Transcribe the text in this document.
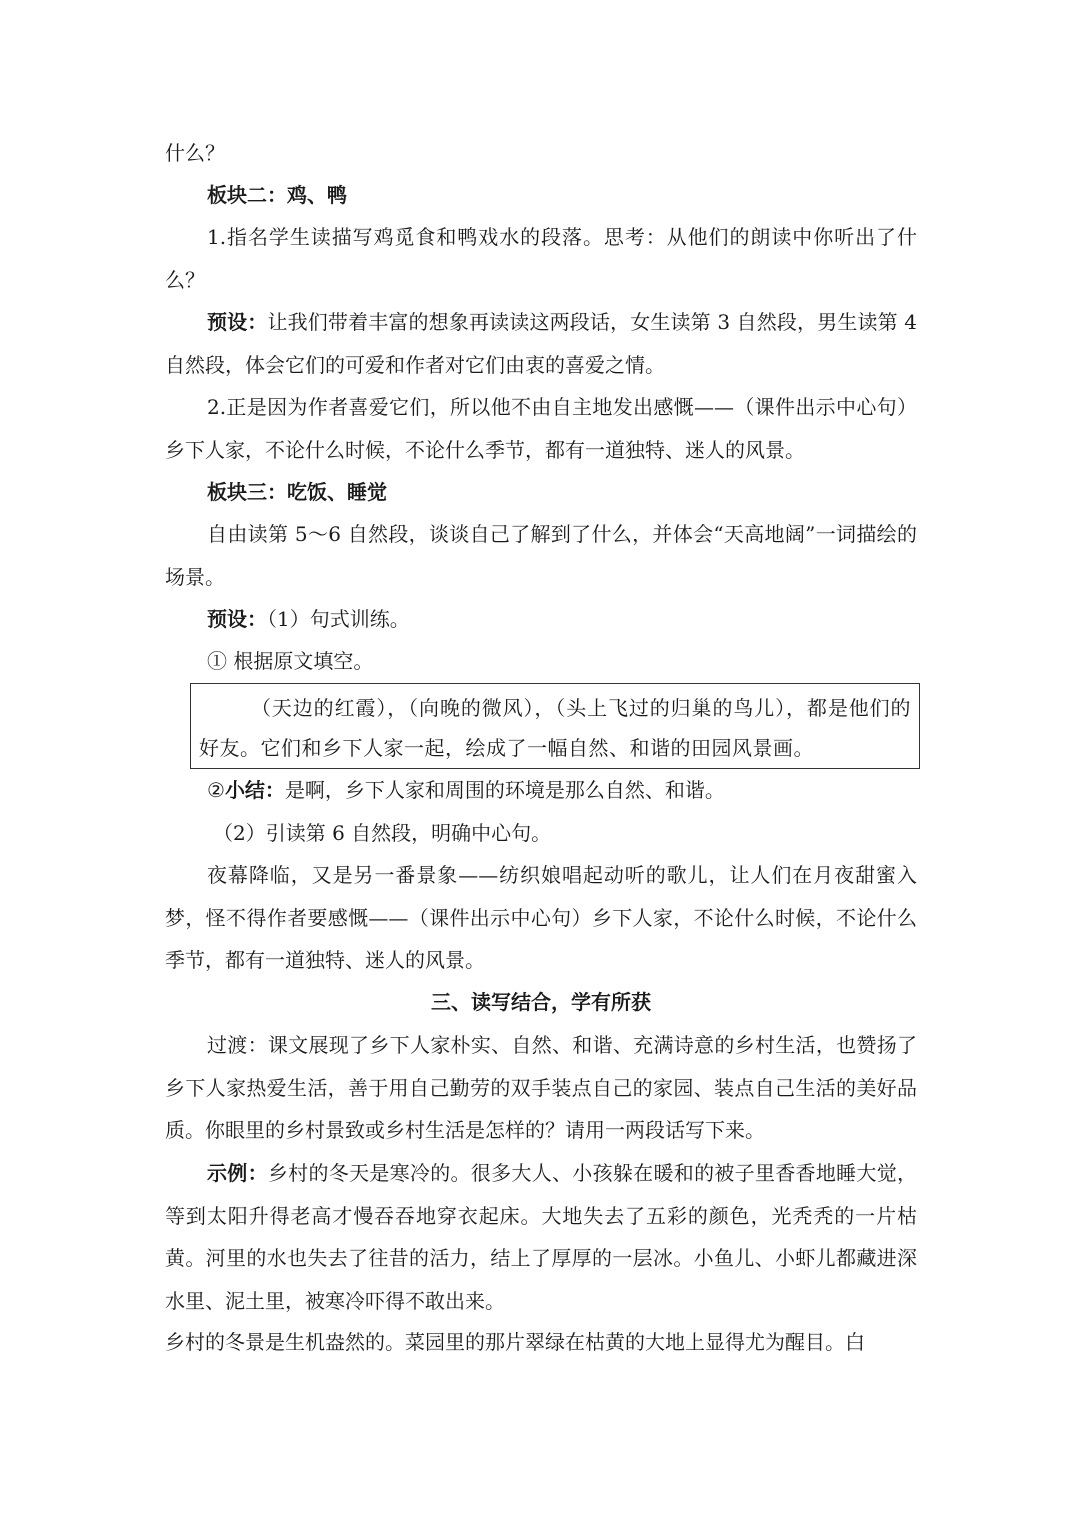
什么？
板块二：鸡、鸭
1.指名学生读描写鸡觅食和鸭戏水的段落。思考：从他们的朗读中你听出了什么？
预设：让我们带着丰富的想象再读读这两段话，女生读第 3 自然段，男生读第 4 自然段，体会它们的可爱和作者对它们由衷的喜爱之情。
2.正是因为作者喜爱它们，所以他不由自主地发出感慨——（课件出示中心句）乡下人家，不论什么时候，不论什么季节，都有一道独特、迷人的风景。
板块三：吃饭、睡觉
自由读第 5～6 自然段，谈谈自己了解到了什么，并体会“天高地阔”一词描绘的场景。
预设：（1）句式训练。
① 根据原文填空。
（天边的红霞），（向晚的微风），（头上飞过的归巢的鸟儿），都是他们的好友。它们和乡下人家一起，绘成了一幅自然、和谐的田园风景画。
②小结：是啊，乡下人家和周围的环境是那么自然、和谐。
（2）引读第 6 自然段，明确中心句。
夜幕降临，又是另一番景象——纺织娘唱起动听的歌儿，让人们在月夜甜蜜入梦，怪不得作者要感慨——（课件出示中心句）乡下人家，不论什么时候，不论什么季节，都有一道独特、迷人的风景。
三、读写结合，学有所获
过渡：课文展现了乡下人家朴实、自然、和谐、充满诗意的乡村生活，也赞扬了乡下人家热爱生活，善于用自己勤劳的双手装点自己的家园、装点自己生活的美好品质。你眼里的乡村景致或乡村生活是怎样的？请用一两段话写下来。
示例：乡村的冬天是寒冷的。很多大人、小孩躲在暖和的被子里香香地睡大觉，等到太阳升得老高才慢吞吞地穿衣起床。大地失去了五彩的颜色，光秃秃的一片枯黄。河里的水也失去了往昔的活力，结上了厚厚的一层冰。小鱼儿、小虾儿都藏进深水里、泥土里，被寒冷吓得不敢出来。
乡村的冬景是生机盎然的。菜园里的那片翠绿在枯黄的大地上显得尤为醒目。白
